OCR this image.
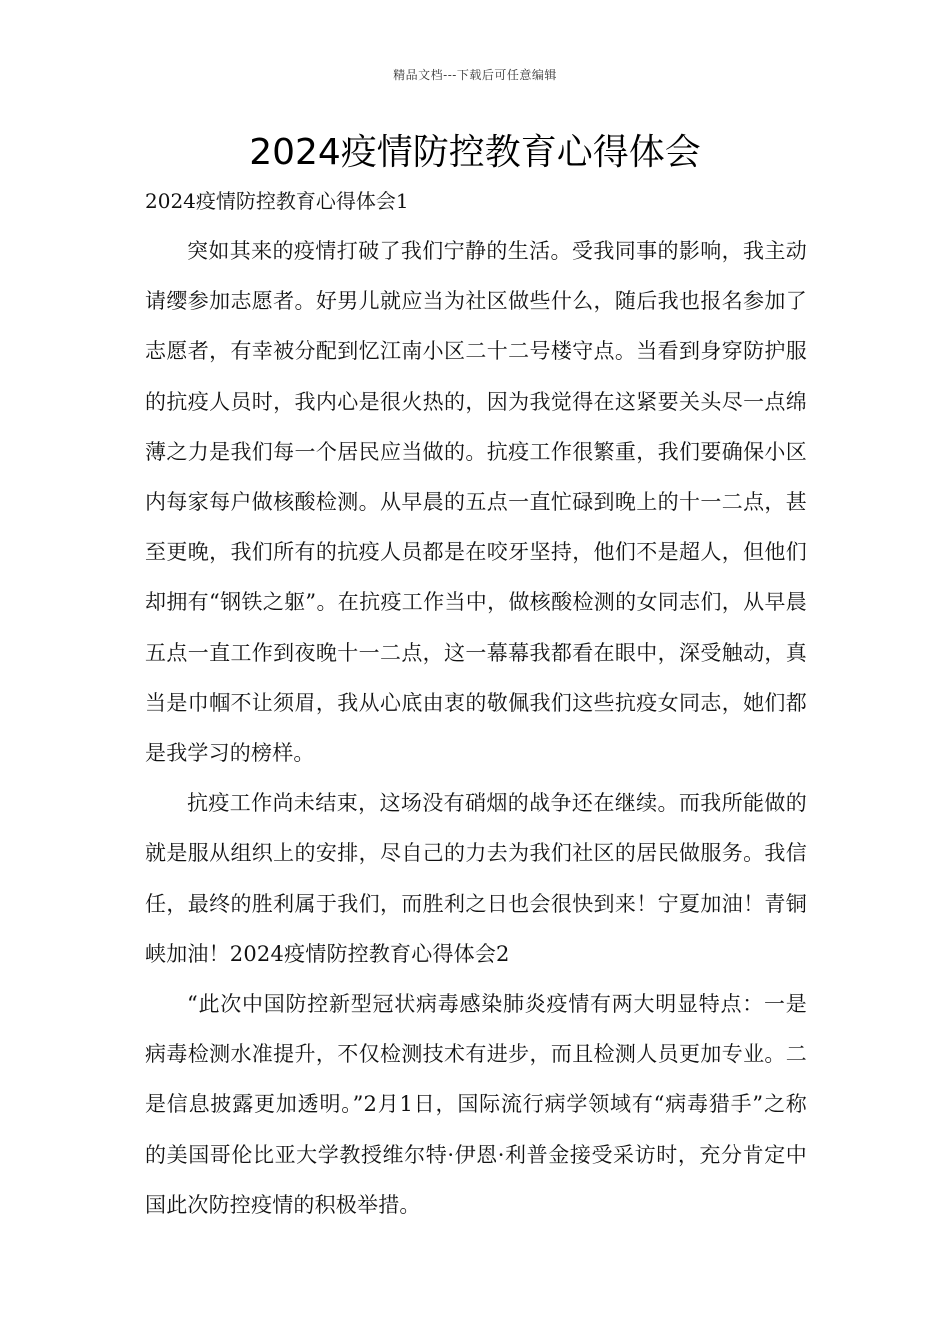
精品文档---下载后可任意编辑
2024疫情防控教育心得体会
2024疫情防控教育心得体会1

突如其来的疫情打破了我们宁静的生活。受我同事的影响，我主动请缨参加志愿者。好男儿就应当为社区做些什么，随后我也报名参加了志愿者，有幸被分配到忆江南小区二十二号楼守点。当看到身穿防护服的抗疫人员时，我内心是很火热的，因为我觉得在这紧要关头尽一点绵薄之力是我们每一个居民应当做的。抗疫工作很繁重，我们要确保小区内每家每户做核酸检测。从早晨的五点一直忙碌到晚上的十一二点，甚至更晚，我们所有的抗疫人员都是在咬牙坚持，他们不是超人，但他们却拥有“钢铁之躯”。在抗疫工作当中，做核酸检测的女同志们，从早晨五点一直工作到夜晚十一二点，这一幕幕我都看在眼中，深受触动，真当是巾帼不让须眉，我从心底由衷的敬佩我们这些抗疫女同志，她们都是我学习的榜样。

抗疫工作尚未结束，这场没有硝烟的战争还在继续。而我所能做的就是服从组织上的安排，尽自己的力去为我们社区的居民做服务。我信任，最终的胜利属于我们，而胜利之日也会很快到来！宁夏加油！青铜峡加油！2024疫情防控教育心得体会2

“此次中国防控新型冠状病毒感染肺炎疫情有两大明显特点：一是病毒检测水准提升，不仅检测技术有进步，而且检测人员更加专业。二是信息披露更加透明。”2月1日，国际流行病学领域有“病毒猎手”之称的美国哥伦比亚大学教授维尔特·伊恩·利普金接受采访时，充分肯定中国此次防控疫情的积极举措。
